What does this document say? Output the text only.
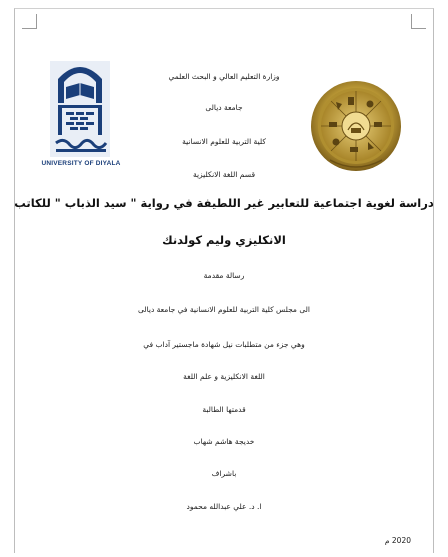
UNIVERSITY OF DIYALA
وزارة التعليم العالي و البحث العلمي
جامعة ديالى
كلية التربية للعلوم الانسانية
قسم اللغة الانكليزية
دراسة لغوية اجتماعية للتعابير غير اللطيفة في رواية " سيد الذباب " للكاتب
الانكليزي وليم كولدنك
رسالة مقدمة
الى مجلس كلية التربية للعلوم الانسانية في جامعة ديالى
وهي جزء من متطلبات نيل شهادة ماجستير آداب في
اللغة الانكليزية و علم اللغة
قدمتها الطالبة
خديجة هاشم شهاب
باشراف
ا. د. علي عبدالله محمود
2020 م
